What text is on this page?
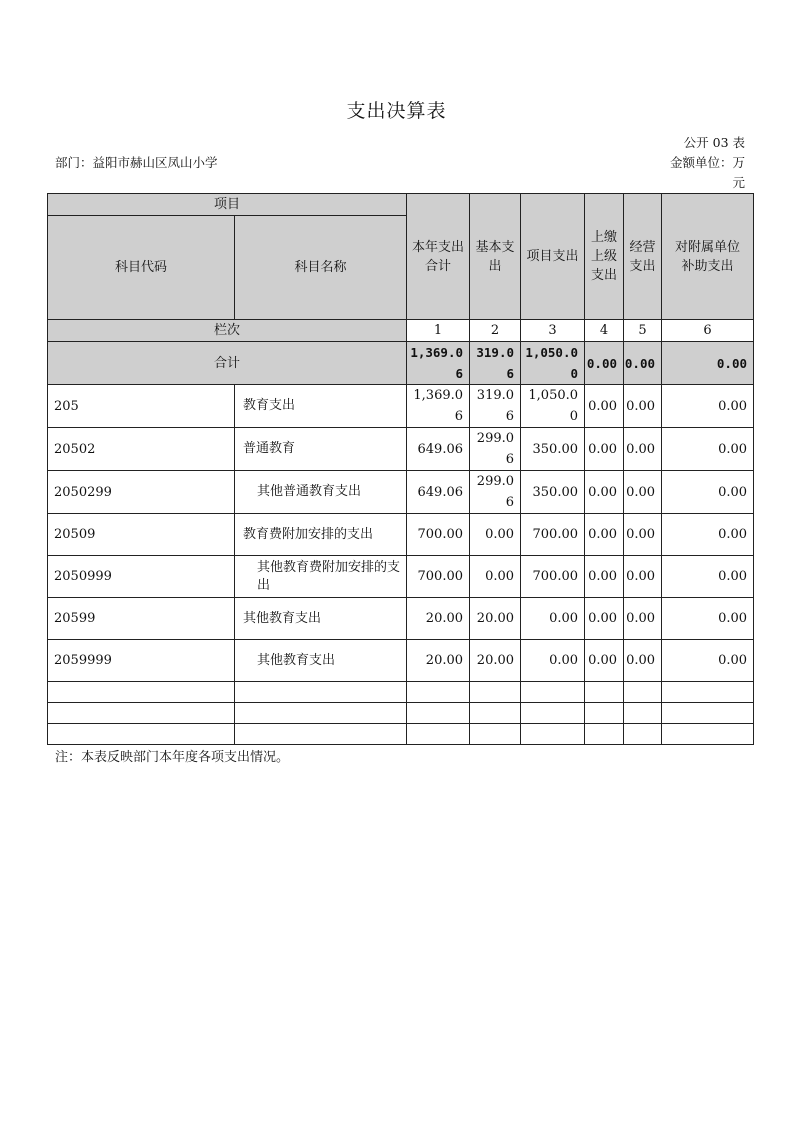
支出决算表
公开 03 表
部门：益阳市赫山区凤山小学	金额单位：万元
项目		本年支出合计	基本支出	项目支出	上缴上级支出	经营支出	对附属单位补助支出
科目代码	科目名称						
栏次		1	2	3	4	5	6
合计		1,369.06	319.06	1,050.00	0.00	0.00	0.00
205	教育支出	1,369.06	319.06	1,050.00	0.00	0.00	0.00
20502	普通教育	649.06	299.06	350.00	0.00	0.00	0.00
2050299	其他普通教育支出	649.06	299.06	350.00	0.00	0.00	0.00
20509	教育费附加安排的支出	700.00	0.00	700.00	0.00	0.00	0.00
2050999	其他教育费附加安排的支出	700.00	0.00	700.00	0.00	0.00	0.00
20599	其他教育支出	20.00	20.00	0.00	0.00	0.00	0.00
2059999	其他教育支出	20.00	20.00	0.00	0.00	0.00	0.00

注：本表反映部门本年度各项支出情况。
